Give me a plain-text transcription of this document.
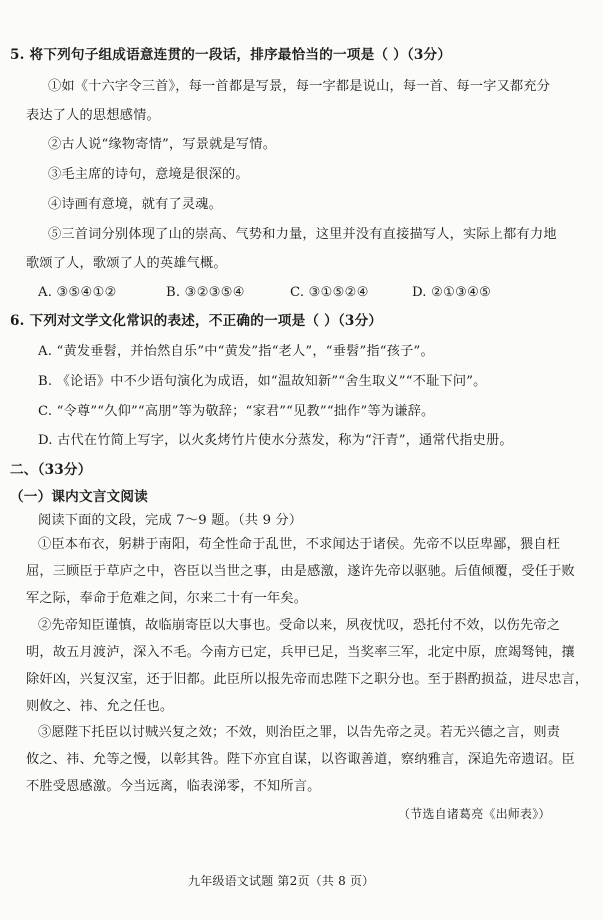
5. 将下列句子组成语意连贯的一段话，排序最恰当的一项是（ ）（3分）
①如《十六字令三首》，每一首都是写景，每一字都是说山，每一首、每一字又都充分
表达了人的思想感情。
②古人说“缘物寄情”，写景就是写情。
③毛主席的诗句，意境是很深的。
④诗画有意境，就有了灵魂。
⑤三首词分别体现了山的崇高、气势和力量，这里并没有直接描写人，实际上都有力地
歌颂了人，歌颂了人的英雄气概。
A. ③⑤④①②	B. ③②③⑤④	C. ③①⑤②④	D. ②①③④⑤
6. 下列对文学文化常识的表述，不正确的一项是（ ）（3分）
A. “黄发垂髫，并怡然自乐”中“黄发”指“老人”，“垂髫”指“孩子”。
B. 《论语》中不少语句演化为成语，如“温故知新”“舍生取义”“不耻下问”。
C. “令尊”“久仰”“高朋”等为敬辞；“家君”“见教”“拙作”等为谦辞。
D. 古代在竹简上写字，以火炙烤竹片使水分蒸发，称为“汗青”，通常代指史册。
二、（33分）
（一）课内文言文阅读
阅读下面的文段，完成 7～9 题。（共 9 分）
①臣本布衣，躬耕于南阳，苟全性命于乱世，不求闻达于诸侯。先帝不以臣卑鄙，猥自枉
屈，三顾臣于草庐之中，咨臣以当世之事，由是感激，遂许先帝以驱驰。后值倾覆，受任于败
军之际，奉命于危难之间，尔来二十有一年矣。
②先帝知臣谨慎，故临崩寄臣以大事也。受命以来，夙夜忧叹，恐托付不效，以伤先帝之
明，故五月渡泸，深入不毛。今南方已定，兵甲已足，当奖率三军，北定中原，庶竭驽钝，攘
除奸凶，兴复汉室，还于旧都。此臣所以报先帝而忠陛下之职分也。至于斟酌损益，进尽忠言，
则攸之、祎、允之任也。
③愿陛下托臣以讨贼兴复之效；不效，则治臣之罪，以告先帝之灵。若无兴德之言，则责
攸之、祎、允等之慢，以彰其咎。陛下亦宜自谋，以咨诹善道，察纳雅言，深追先帝遗诏。臣
不胜受恩感激。今当远离，临表涕零，不知所言。
（节选自诸葛亮《出师表》）
九年级语文试题 第2页（共 8 页）
